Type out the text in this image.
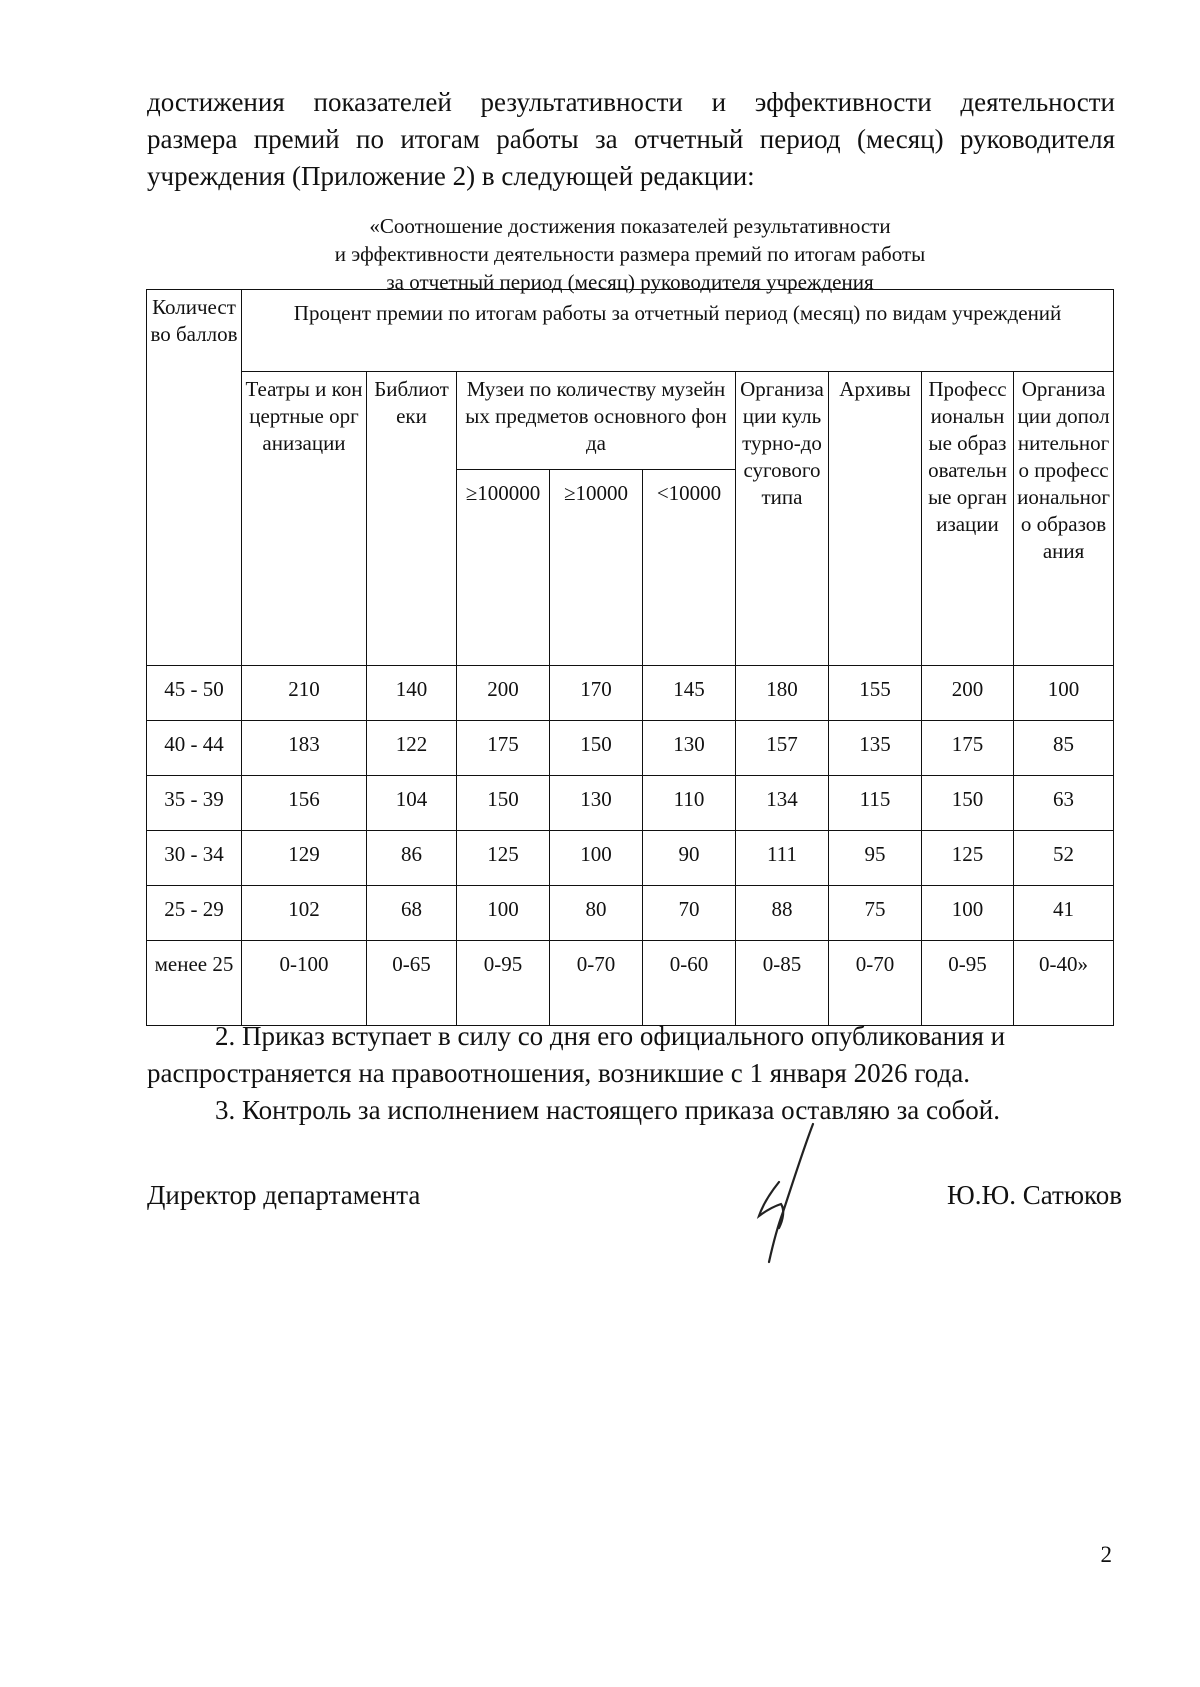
достижения показателей результативности и эффективности деятельности
размера премий по итогам работы за отчетный период (месяц) руководителя
учреждения (Приложение 2) в следующей редакции:
«Соотношение достижения показателей результативности
и эффективности деятельности размера премий по итогам работы
за отчетный период (месяц) руководителя учреждения
Количество баллов	Процент премии по итогам работы за отчетный период (месяц) по видам учреждений								
	Театры и концертные организации	Библиотеки	Музеи по количеству музейных предметов основного фонда			Организации культурно-досугового типа	Архивы	Профессиональные образовательные организации	Организации дополнительного профессионального образования
			≥100000	≥10000	<10000				
45 - 50	210	140	200	170	145	180	155	200	100
40 - 44	183	122	175	150	130	157	135	175	85
35 - 39	156	104	150	130	110	134	115	150	63
30 - 34	129	86	125	100	90	111	95	125	52
25 - 29	102	68	100	80	70	88	75	100	41
менее 25	0-100	0-65	0-95	0-70	0-60	0-85	0-70	0-95	0-40»
2. Приказ вступает в силу со дня его официального опубликования и
распространяется на правоотношения, возникшие с 1 января 2026 года.
3. Контроль за исполнением настоящего приказа оставляю за собой.
Директор департамента	Ю.Ю. Сатюков
2
